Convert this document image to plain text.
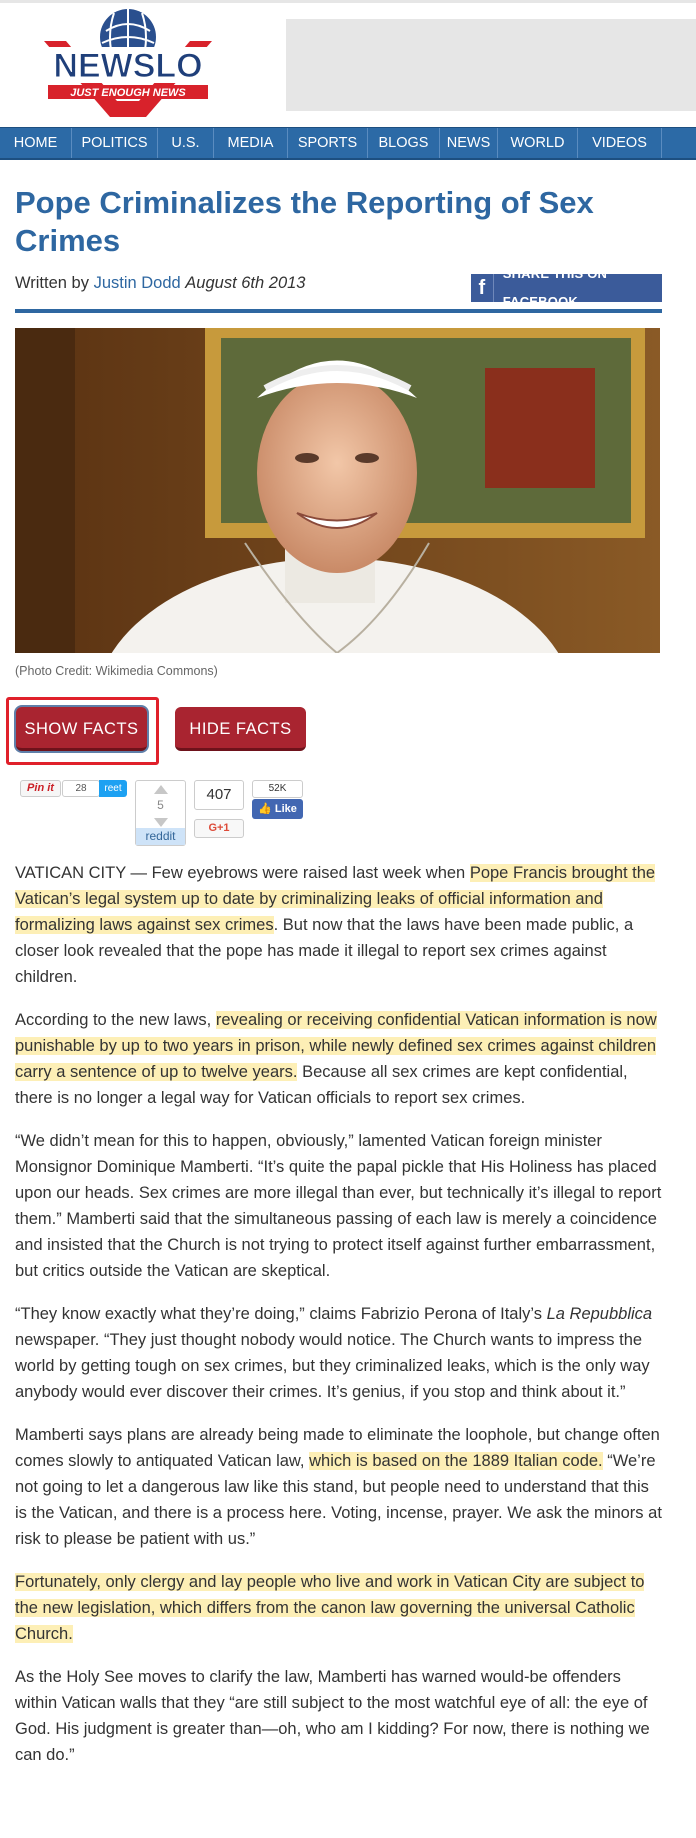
NEWSLO
JUST ENOUGH NEWS
HOME	POLITICS	U.S.	MEDIA	SPORTS	BLOGS	NEWS	WORLD	VIDEOS
Pope Criminalizes the Reporting of Sex Crimes
Written by Justin Dodd August 6th 2013	f
SHARE THIS ON FACEBOOK
(Photo Credit: Wikimedia Commons)
SHOW FACTS	HIDE FACTS
Pin it	28	reet
5
reddit
407
G+1
52K
👍 Like

VATICAN CITY — Few eyebrows were raised last week when Pope Francis brought the Vatican’s legal system up to date by criminalizing leaks of official information and formalizing laws against sex crimes. But now that the laws have been made public, a closer look revealed that the pope has made it illegal to report sex crimes against children.

According to the new laws, revealing or receiving confidential Vatican information is now punishable by up to two years in prison, while newly defined sex crimes against children carry a sentence of up to twelve years. Because all sex crimes are kept confidential, there is no longer a legal way for Vatican officials to report sex crimes.

“We didn’t mean for this to happen, obviously,” lamented Vatican foreign minister Monsignor Dominique Mamberti. “It’s quite the papal pickle that His Holiness has placed upon our heads. Sex crimes are more illegal than ever, but technically it’s illegal to report them.” Mamberti said that the simultaneous passing of each law is merely a coincidence and insisted that the Church is not trying to protect itself against further embarrassment, but critics outside the Vatican are skeptical.

“They know exactly what they’re doing,” claims Fabrizio Perona of Italy’s La Repubblica newspaper. “They just thought nobody would notice. The Church wants to impress the world by getting tough on sex crimes, but they criminalized leaks, which is the only way anybody would ever discover their crimes. It’s genius, if you stop and think about it.”

Mamberti says plans are already being made to eliminate the loophole, but change often comes slowly to antiquated Vatican law, which is based on the 1889 Italian code. “We’re not going to let a dangerous law like this stand, but people need to understand that this is the Vatican, and there is a process here. Voting, incense, prayer. We ask the minors at risk to please be patient with us.”

Fortunately, only clergy and lay people who live and work in Vatican City are subject to the new legislation, which differs from the canon law governing the universal Catholic Church.

As the Holy See moves to clarify the law, Mamberti has warned would-be offenders within Vatican walls that they “are still subject to the most watchful eye of all: the eye of God. His judgment is greater than—oh, who am I kidding? For now, there is nothing we can do.”
